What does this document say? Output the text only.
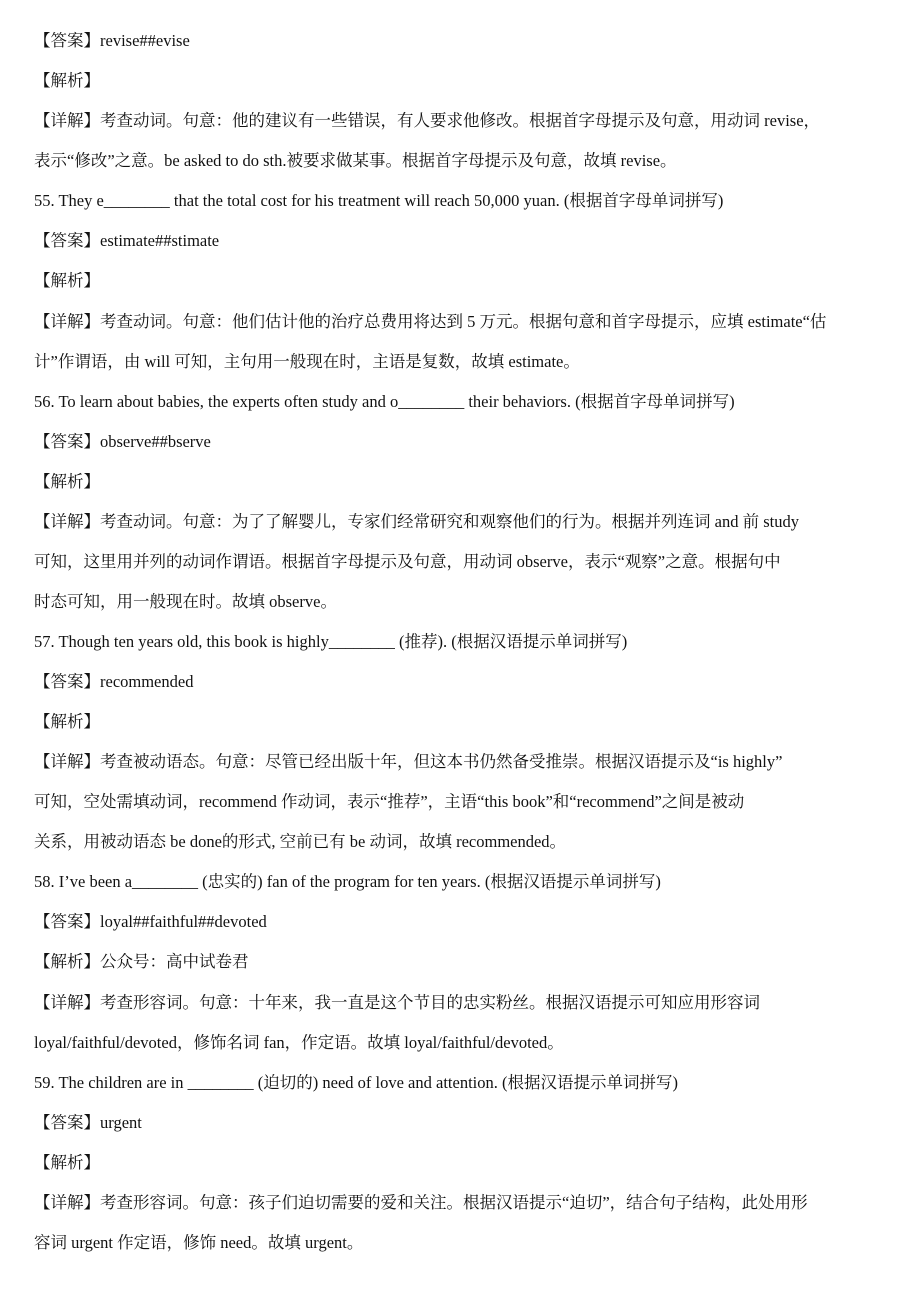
【答案】revise##evise
【解析】
【详解】考查动词。句意：他的建议有一些错误，有人要求他修改。根据首字母提示及句意，用动词 revise，
表示“修改”之意。be asked to do sth.被要求做某事。根据首字母提示及句意，故填 revise。
55. They e________ that the total cost for his treatment will reach 50,000 yuan. (根据首字母单词拼写)
【答案】estimate##stimate
【解析】
【详解】考查动词。句意：他们估计他的治疗总费用将达到 5 万元。根据句意和首字母提示，应填 estimate“估
计”作谓语，由 will 可知，主句用一般现在时，主语是复数，故填 estimate。
56. To learn about babies, the experts often study and o________ their behaviors. (根据首字母单词拼写)
【答案】observe##bserve
【解析】
【详解】考查动词。句意：为了了解婴儿，专家们经常研究和观察他们的行为。根据并列连词 and 前 study
可知，这里用并列的动词作谓语。根据首字母提示及句意，用动词 observe，表示“观察”之意。根据句中
时态可知，用一般现在时。故填 observe。
57. Though ten years old, this book is highly________ (推荐). (根据汉语提示单词拼写)
【答案】recommended
【解析】
【详解】考查被动语态。句意：尽管已经出版十年，但这本书仍然备受推崇。根据汉语提示及“is highly”
可知，空处需填动词，recommend 作动词，表示“推荐”，主语“this book”和“recommend”之间是被动
关系，用被动语态 be done的形式, 空前已有 be 动词，故填 recommended。
58. I’ve been a________ (忠实的) fan of the program for ten years. (根据汉语提示单词拼写)
【答案】loyal##faithful##devoted
【解析】公众号：高中试卷君
【详解】考查形容词。句意：十年来，我一直是这个节目的忠实粉丝。根据汉语提示可知应用形容词
loyal/faithful/devoted，修饰名词 fan，作定语。故填 loyal/faithful/devoted。
59. The children are in ________ (迫切的) need of love and attention. (根据汉语提示单词拼写)
【答案】urgent
【解析】
【详解】考查形容词。句意：孩子们迫切需要的爱和关注。根据汉语提示“迫切”，结合句子结构，此处用形
容词 urgent 作定语，修饰 need。故填 urgent。
